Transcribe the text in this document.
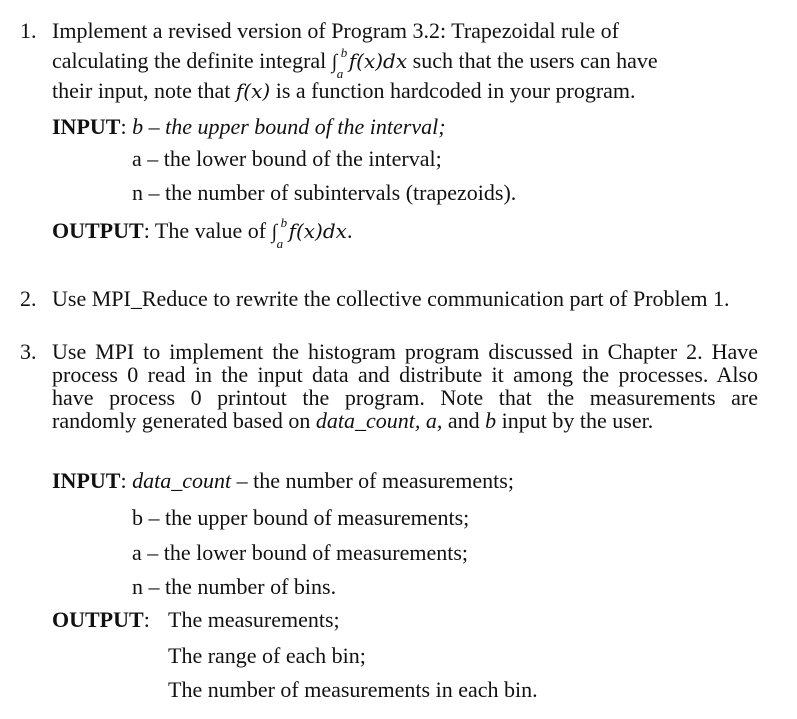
1. Implement a revised version of Program 3.2: Trapezoidal rule of
calculating the definite integral ∫ b
a
f(x)dx such that the users can have
their input, note that f(x) is a function hardcoded in your program.
INPUT: b – the upper bound of the interval;
a – the lower bound of the interval;
n – the number of subintervals (trapezoids).
OUTPUT: The value of ∫ b
a
f(x)dx.
2. Use MPI_Reduce to rewrite the collective communication part of Problem 1.
3. Use MPI to implement the histogram program discussed in Chapter 2. Have
process 0 read in the input data and distribute it among the processes. Also
have process 0 printout the program. Note that the measurements are
randomly generated based on data_count, a, and b input by the user.
INPUT: data_count – the number of measurements;
b – the upper bound of measurements;
a – the lower bound of measurements;
n – the number of bins.
OUTPUT: The measurements;
The range of each bin;
The number of measurements in each bin.
